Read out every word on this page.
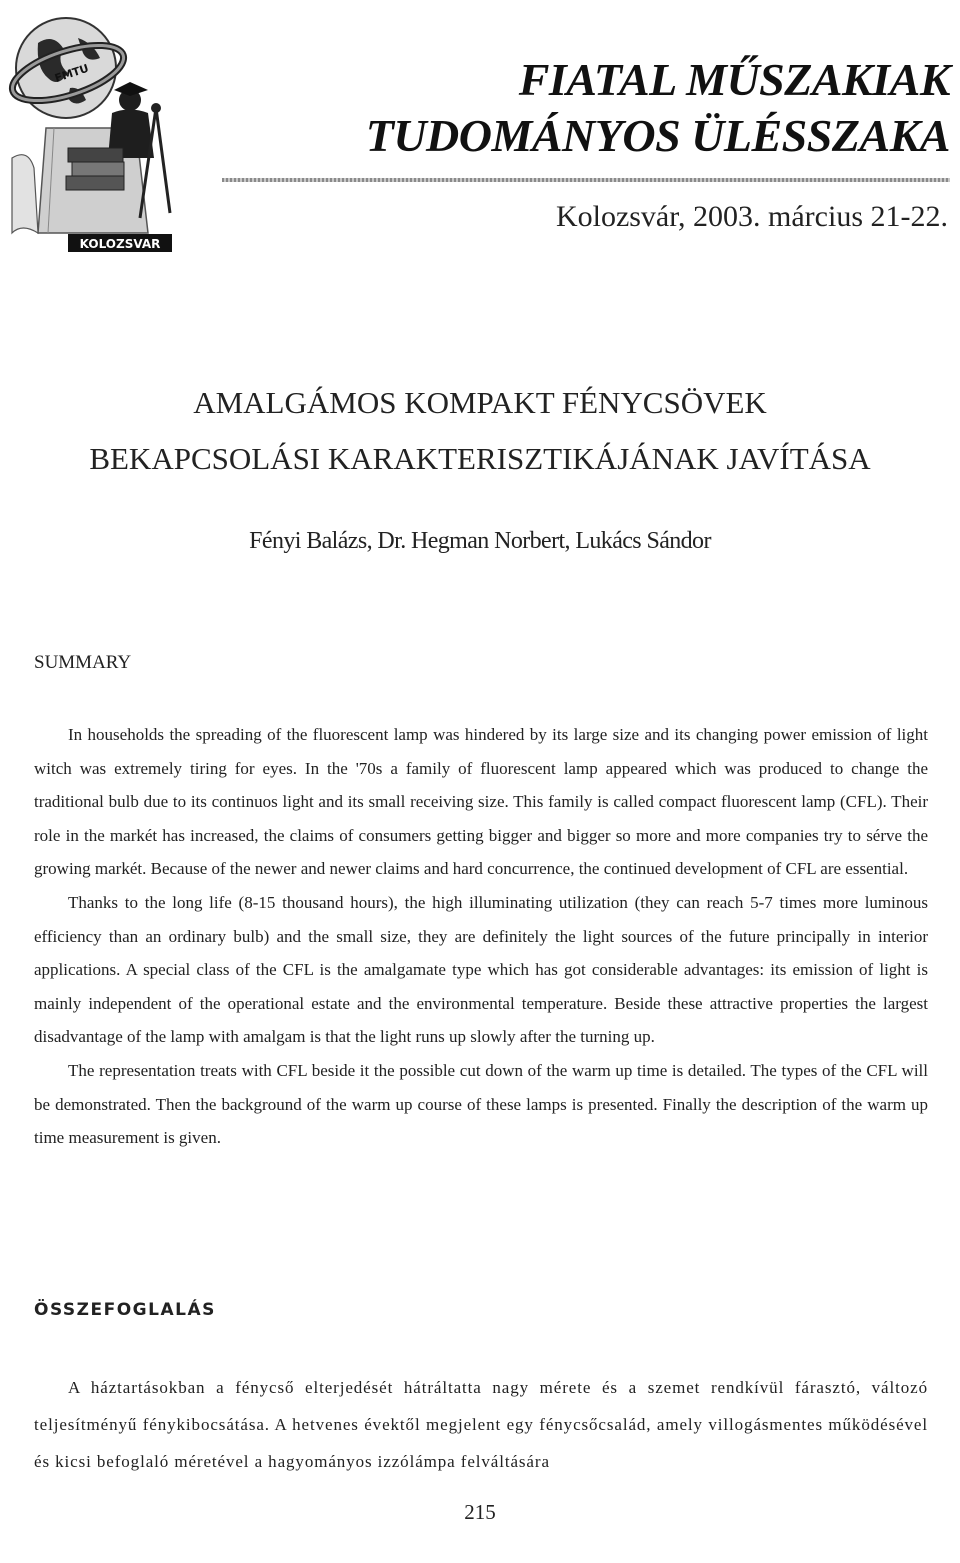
FMTU
KOLOZSVAR
FIATAL MŰSZAKIAK
TUDOMÁNYOS ÜLÉSSZAKA
Kolozsvár, 2003. március 21-22.
AMALGÁMOS KOMPAKT FÉNYCSÖVEK
BEKAPCSOLÁSI KARAKTERISZTIKÁJÁNAK JAVÍTÁSA
Fényi Balázs, Dr. Hegman Norbert, Lukács Sándor
SUMMARY

In households the spreading of the fluorescent lamp was hindered by its large size and its changing power emission of light witch was extremely tiring for eyes. In the '70s a family of fluorescent lamp appeared which was produced to change the traditional bulb due to its continuos light and its small receiving size. This family is called compact fluorescent lamp (CFL). Their role in the markét has increased, the claims of consumers getting bigger and bigger so more and more companies try to sérve the growing markét. Because of the newer and newer claims and hard concurrence, the continued development of CFL are essential.

Thanks to the long life (8-15 thousand hours), the high illuminating utilization (they can reach 5-7 times more luminous efficiency than an ordinary bulb) and the small size, they are definitely the light sources of the future principally in interior applications. A special class of the CFL is the amalgamate type which has got considerable advantages: its emission of light is mainly independent of the operational estate and the environmental temperature. Beside these attractive properties the largest disadvantage of the lamp with amalgam is that the light runs up slowly after the turning up.

The representation treats with CFL beside it the possible cut down of the warm up time is detailed. The types of the CFL will be demonstrated. Then the background of the warm up course of these lamps is presented. Finally the description of the warm up time measurement is given.

ÖSSZEFOGLALÁS

A háztartásokban a fénycső elterjedését hátráltatta nagy mérete és a szemet rendkívül fárasztó, változó teljesítményű fénykibocsátása. A hetvenes évektől megjelent egy fénycsőcsalád, amely villogásmentes működésével és kicsi befoglaló méretével a hagyományos izzólámpa felváltására

215
